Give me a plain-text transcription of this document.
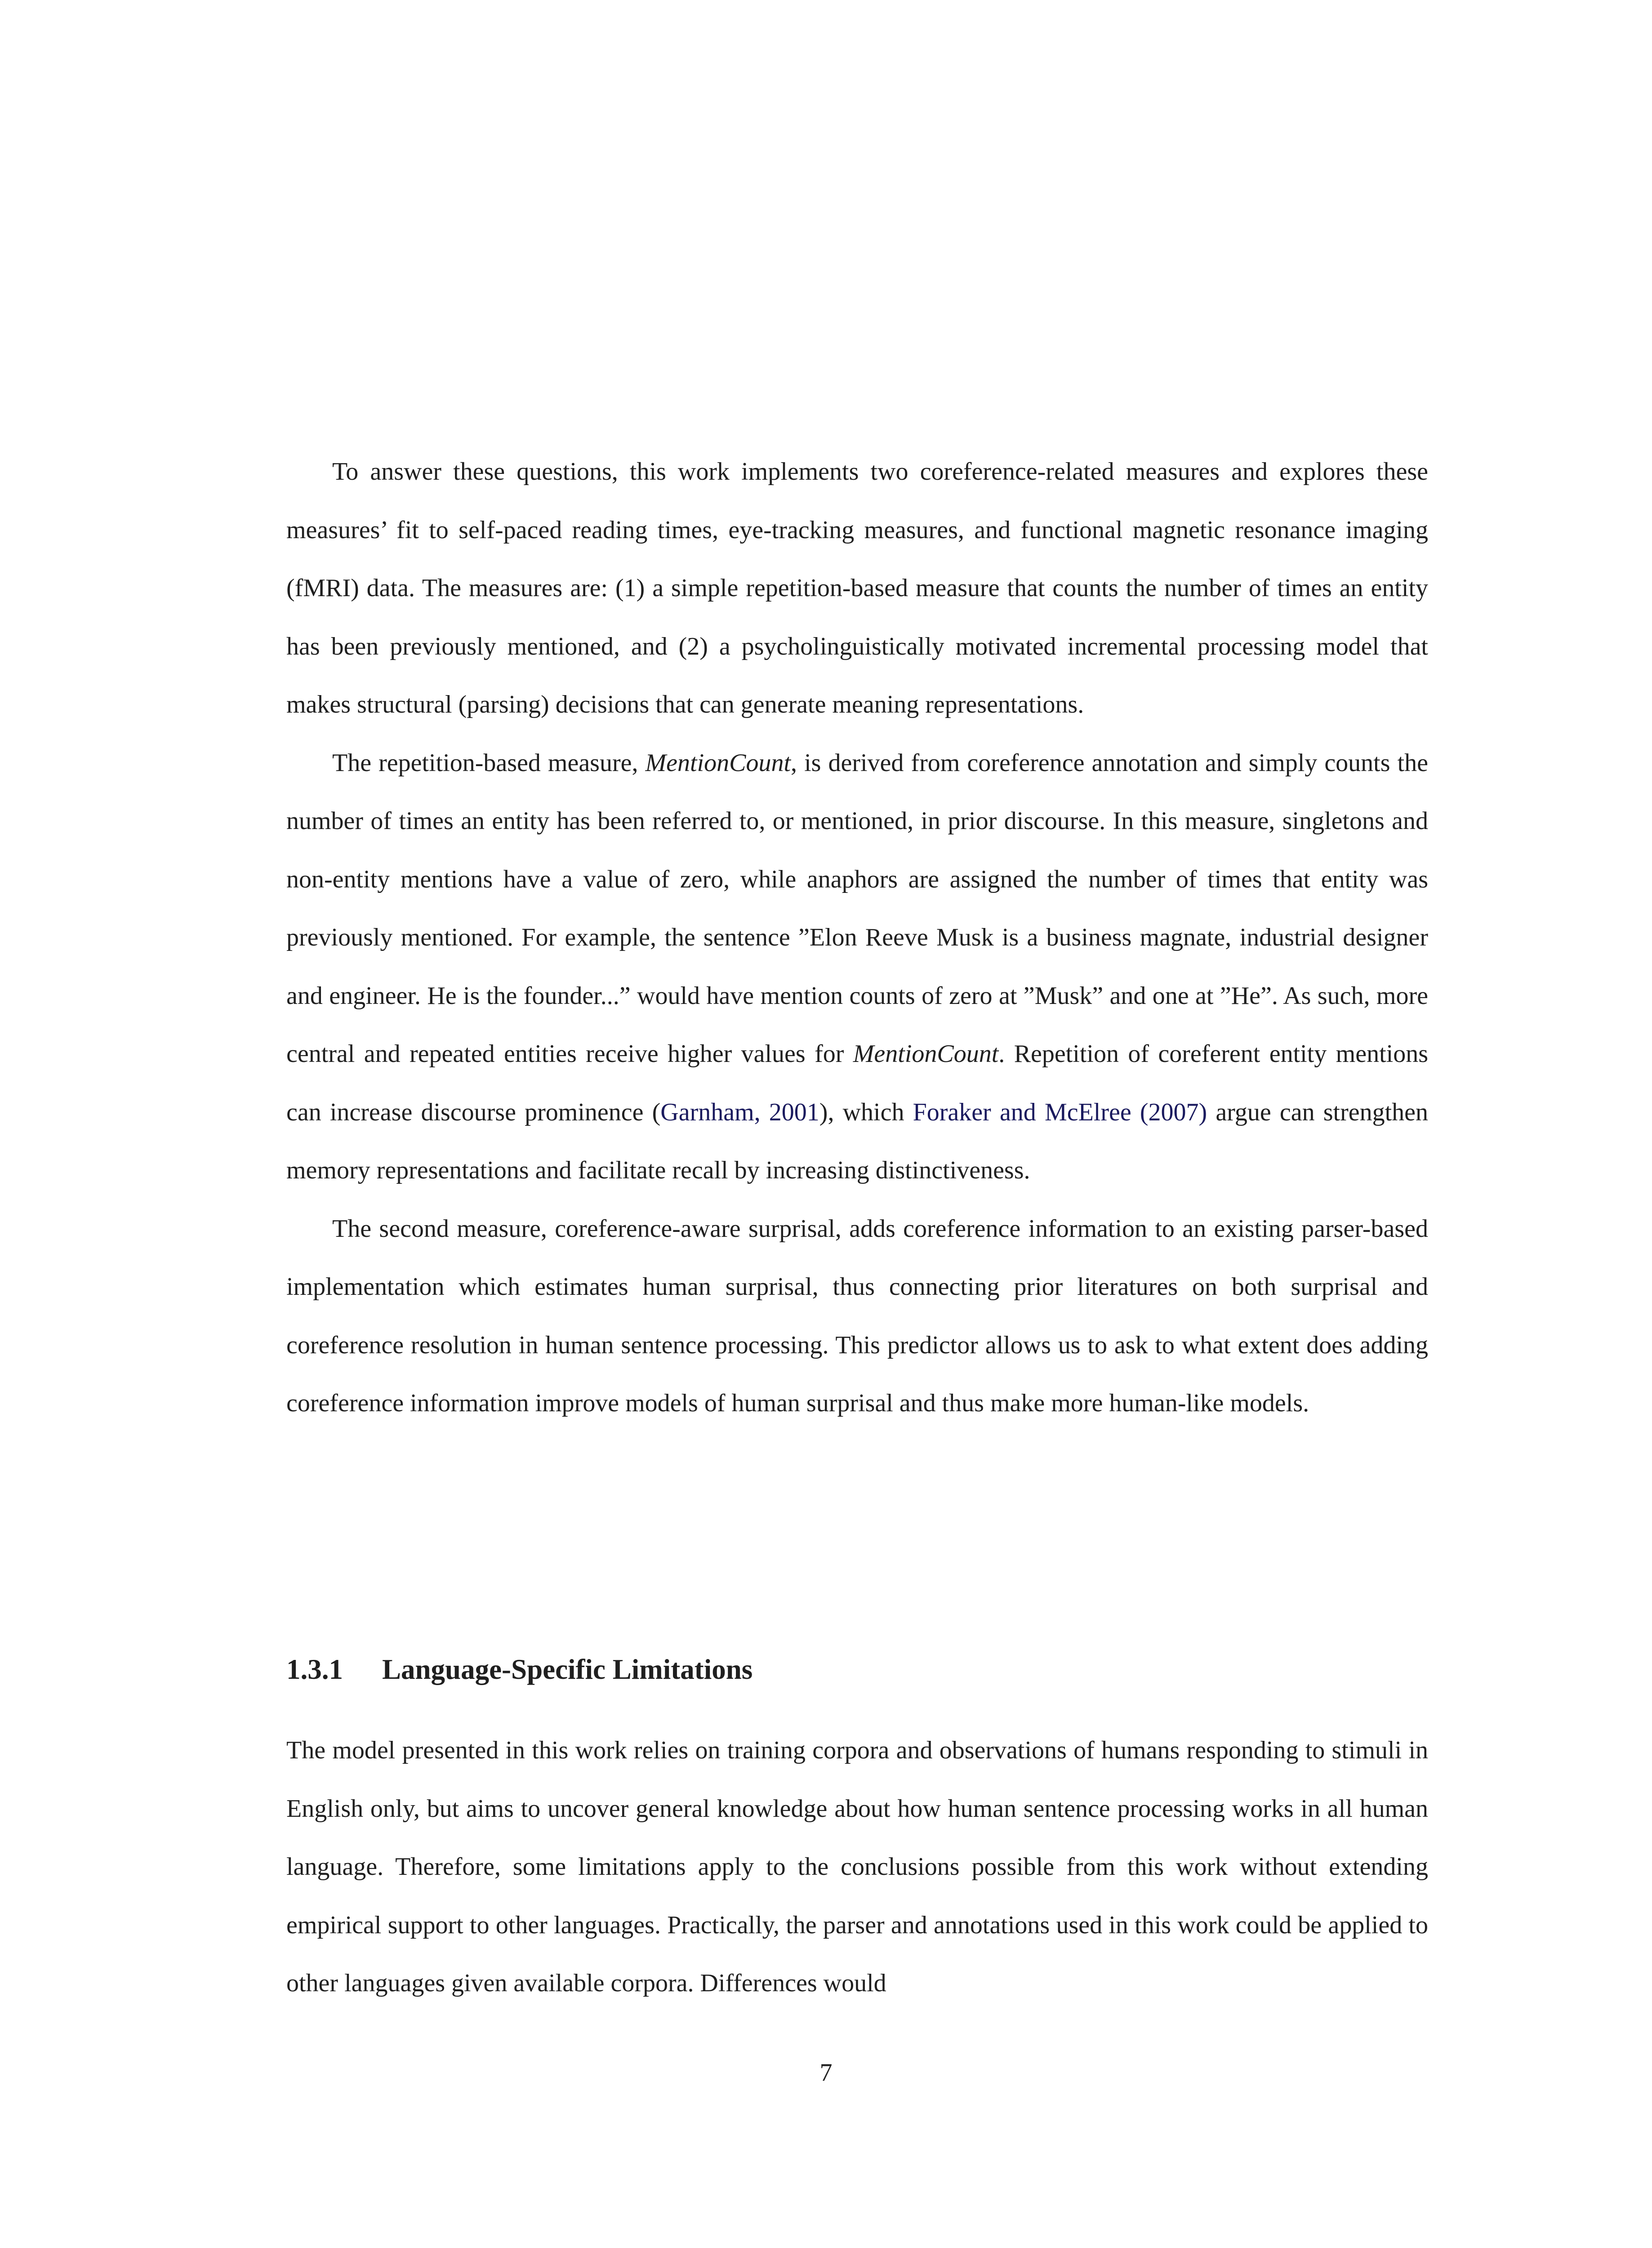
To answer these questions, this work implements two coreference-related measures and explores these measures’ fit to self-paced reading times, eye-tracking measures, and functional magnetic resonance imaging (fMRI) data. The measures are: (1) a simple repetition-based measure that counts the number of times an entity has been previously mentioned, and (2) a psycholinguistically motivated incremental processing model that makes structural (parsing) decisions that can generate meaning representations.

The repetition-based measure, MentionCount, is derived from coreference annotation and simply counts the number of times an entity has been referred to, or mentioned, in prior discourse. In this measure, singletons and non-entity mentions have a value of zero, while anaphors are assigned the number of times that entity was previously mentioned. For example, the sentence ”Elon Reeve Musk is a business magnate, industrial designer and engineer. He is the founder...” would have mention counts of zero at ”Musk” and one at ”He”. As such, more central and repeated entities receive higher values for MentionCount. Repetition of coreferent entity mentions can increase discourse prominence (Garnham, 2001), which Foraker and McElree (2007) argue can strengthen memory representations and facilitate recall by increasing distinctiveness.

The second measure, coreference-aware surprisal, adds coreference information to an existing parser-based implementation which estimates human surprisal, thus connecting prior literatures on both surprisal and coreference resolution in human sentence processing. This predictor allows us to ask to what extent does adding coreference information improve models of human surprisal and thus make more human-like models.

1.3.1 Language-Specific Limitations

The model presented in this work relies on training corpora and observations of humans responding to stimuli in English only, but aims to uncover general knowledge about how human sentence processing works in all human language. Therefore, some limitations apply to the conclusions possible from this work without extending empirical support to other languages. Practically, the parser and annotations used in this work could be applied to other languages given available corpora. Differences would

7
